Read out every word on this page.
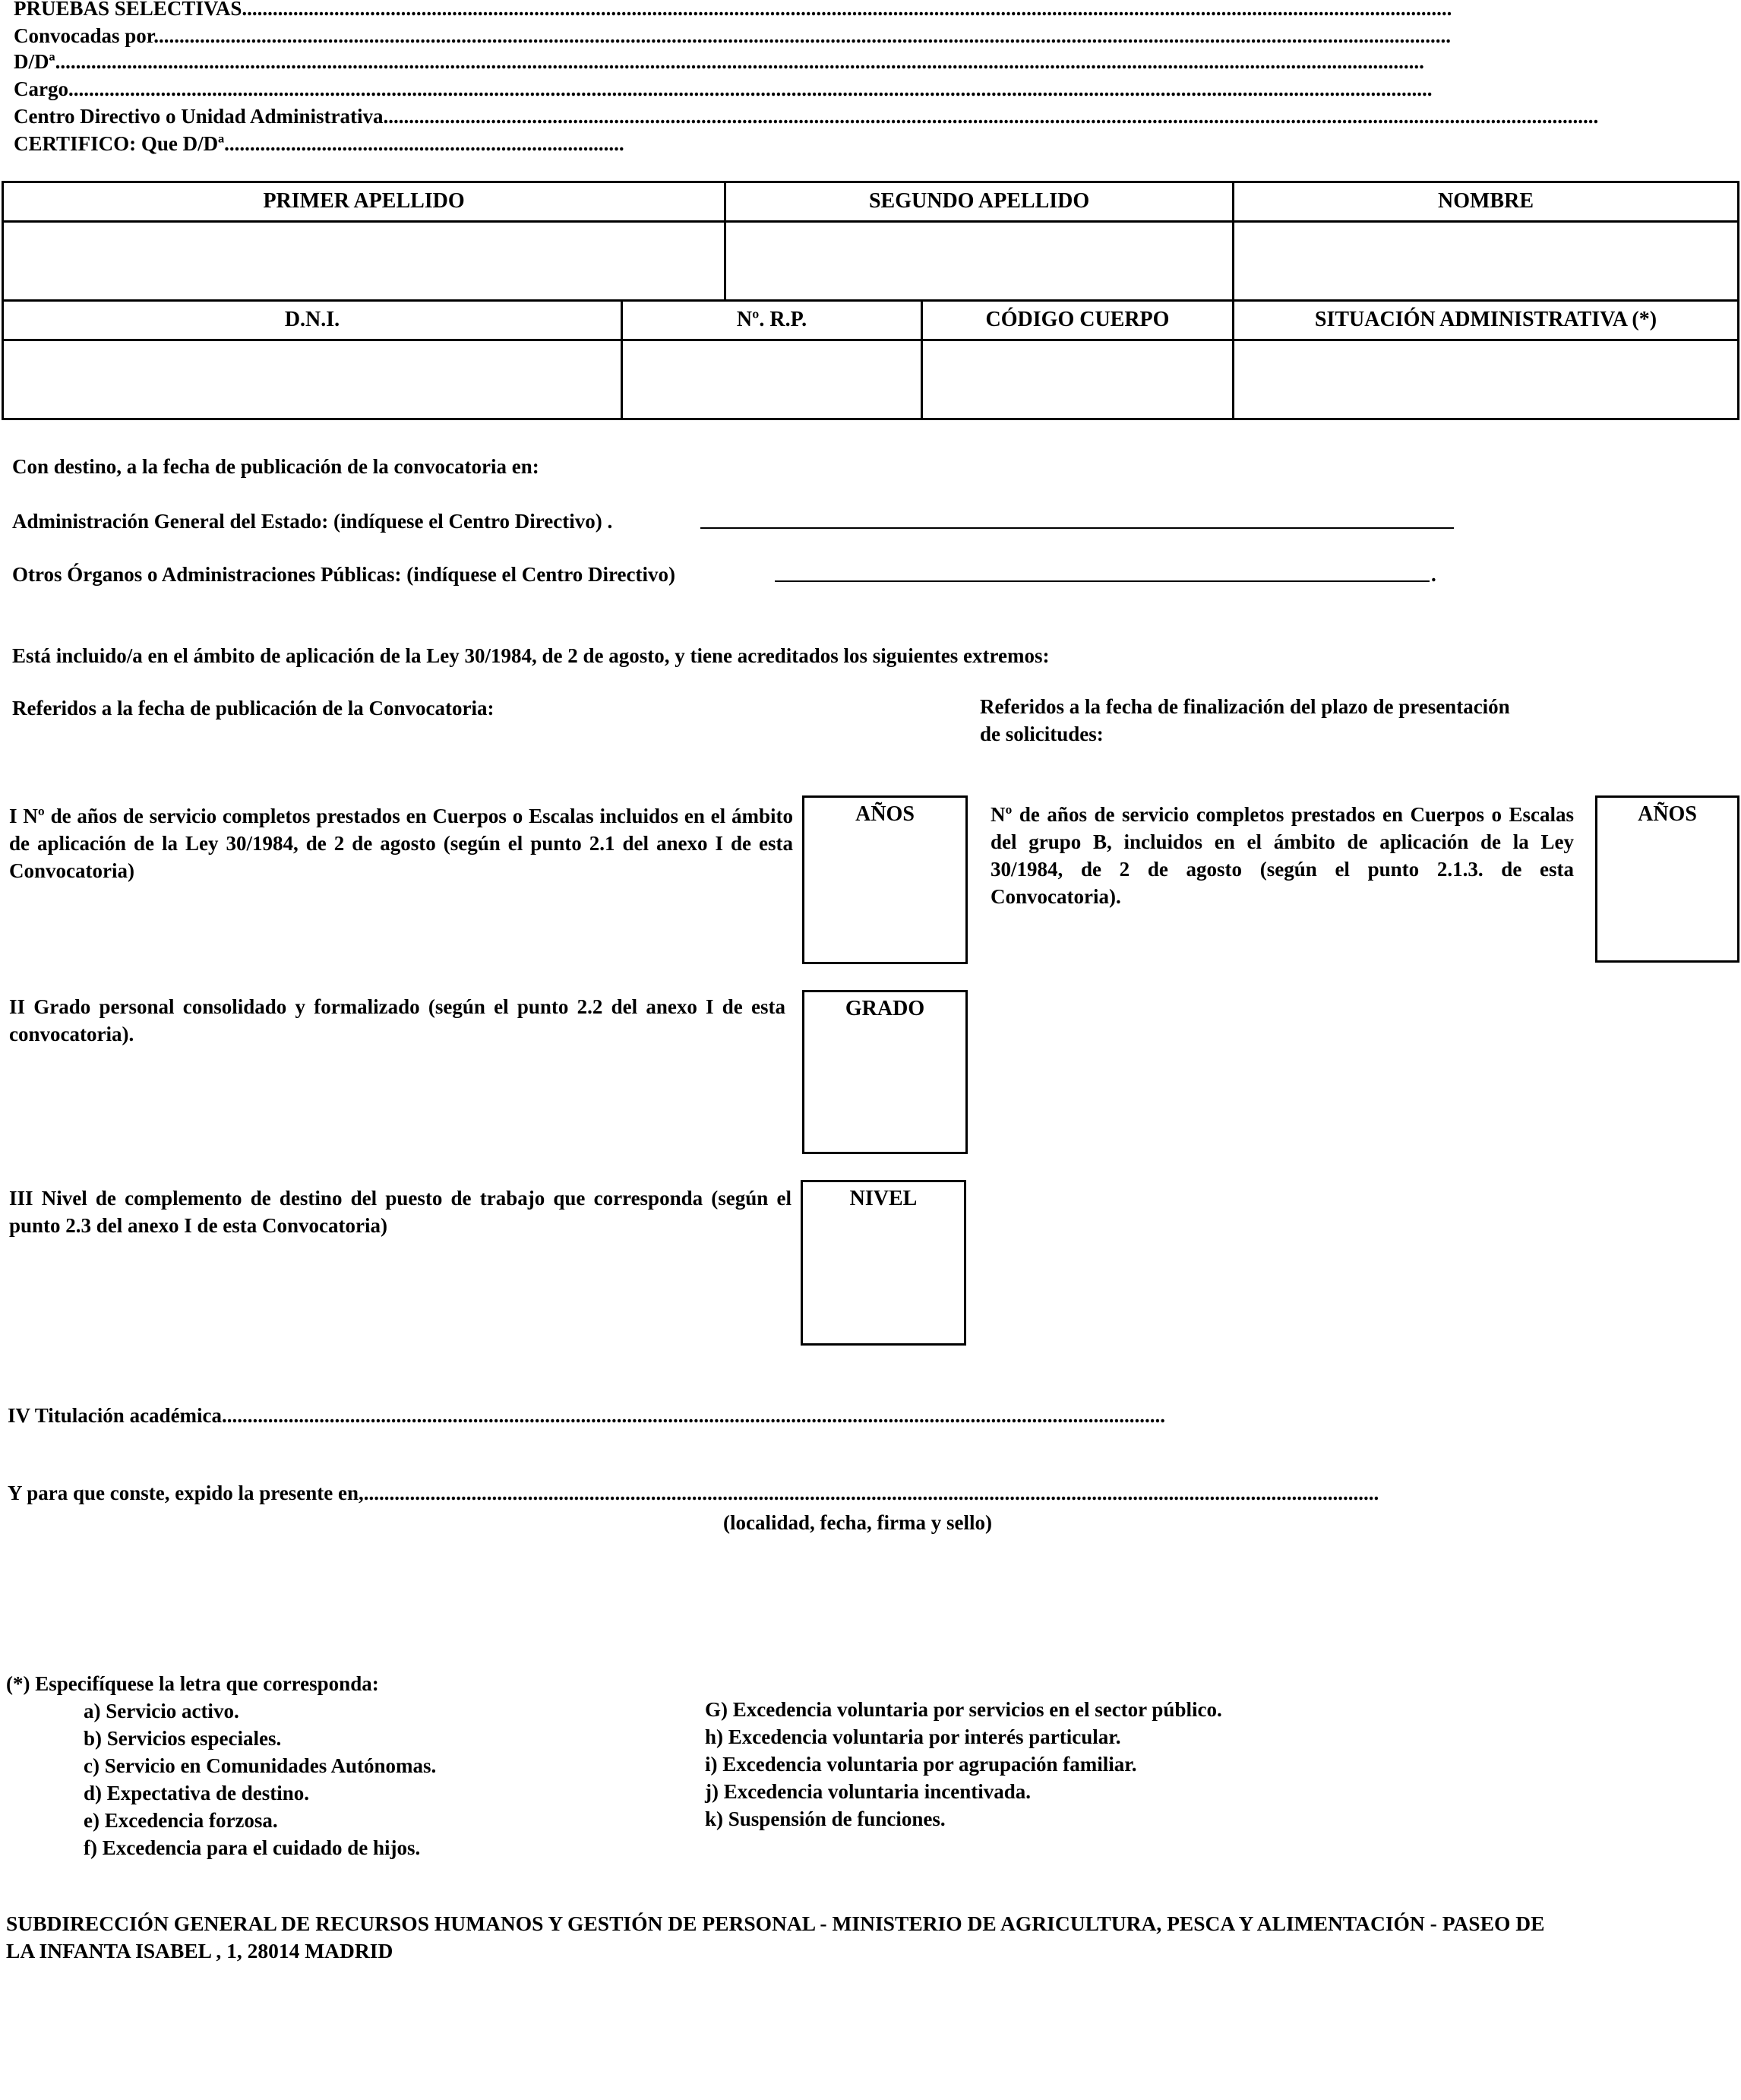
PRUEBAS SELECTIVAS............................................................................................................................................................................................................................................
Convocadas por.............................................................................................................................................................................................................................................................
D/Dª...........................................................................................................................................................................................................................................................................
Cargo..........................................................................................................................................................................................................................................................................
Centro Directivo o Unidad Administrativa.............................................................................................................................................................................................................................................
CERTIFICO: Que D/Dª..............................................................................
PRIMER APELLIDO		SEGUNDO APELLIDO		NOMBRE

D.N.I.	Nº. R.P.		CÓDIGO CUERPO	SITUACIÓN ADMINISTRATIVA (*)

Con destino, a la fecha de publicación de la convocatoria en:
Administración General del Estado: (indíquese el Centro Directivo) .
Otros Órganos o Administraciones Públicas: (indíquese el Centro Directivo)	.
Está incluido/a en el ámbito de aplicación de la Ley 30/1984, de 2 de agosto, y tiene acreditados los siguientes extremos:
Referidos a la fecha de publicación de la Convocatoria:	Referidos a la fecha de finalización del plazo de presentación
de solicitudes:
I Nº de años de servicio completos prestados en Cuerpos o Escalas incluidos en el ámbito de aplicación de la Ley 30/1984, de 2 de agosto (según el punto 2.1 del anexo I de esta Convocatoria)
AÑOS	Nº de años de servicio completos prestados en Cuerpos o Escalas del grupo B, incluidos en el ámbito de aplicación de la Ley 30/1984, de 2 de agosto (según el punto 2.1.3. de esta Convocatoria).
AÑOS
II Grado personal consolidado y formalizado (según el punto 2.2 del anexo I de esta convocatoria).
GRADO
III Nivel de complemento de destino del puesto de trabajo que corresponda (según el punto 2.3 del anexo I de esta Convocatoria)
NIVEL
IV Titulación académica........................................................................................................................................................................................
Y para que conste, expido la presente en,......................................................................................................................................................................................................
(localidad, fecha, firma y sello)
(*) Especifíquese la letra que corresponda:
a) Servicio activo.
b) Servicios especiales.
c) Servicio en Comunidades Autónomas.
d) Expectativa de destino.
e) Excedencia forzosa.
f) Excedencia para el cuidado de hijos.
G) Excedencia voluntaria por servicios en el sector público.
h) Excedencia voluntaria por interés particular.
i) Excedencia voluntaria por agrupación familiar.
j) Excedencia voluntaria incentivada.
k) Suspensión de funciones.
SUBDIRECCIÓN GENERAL DE RECURSOS HUMANOS Y GESTIÓN DE PERSONAL - MINISTERIO DE AGRICULTURA, PESCA Y ALIMENTACIÓN - PASEO DE
LA INFANTA ISABEL , 1, 28014 MADRID
